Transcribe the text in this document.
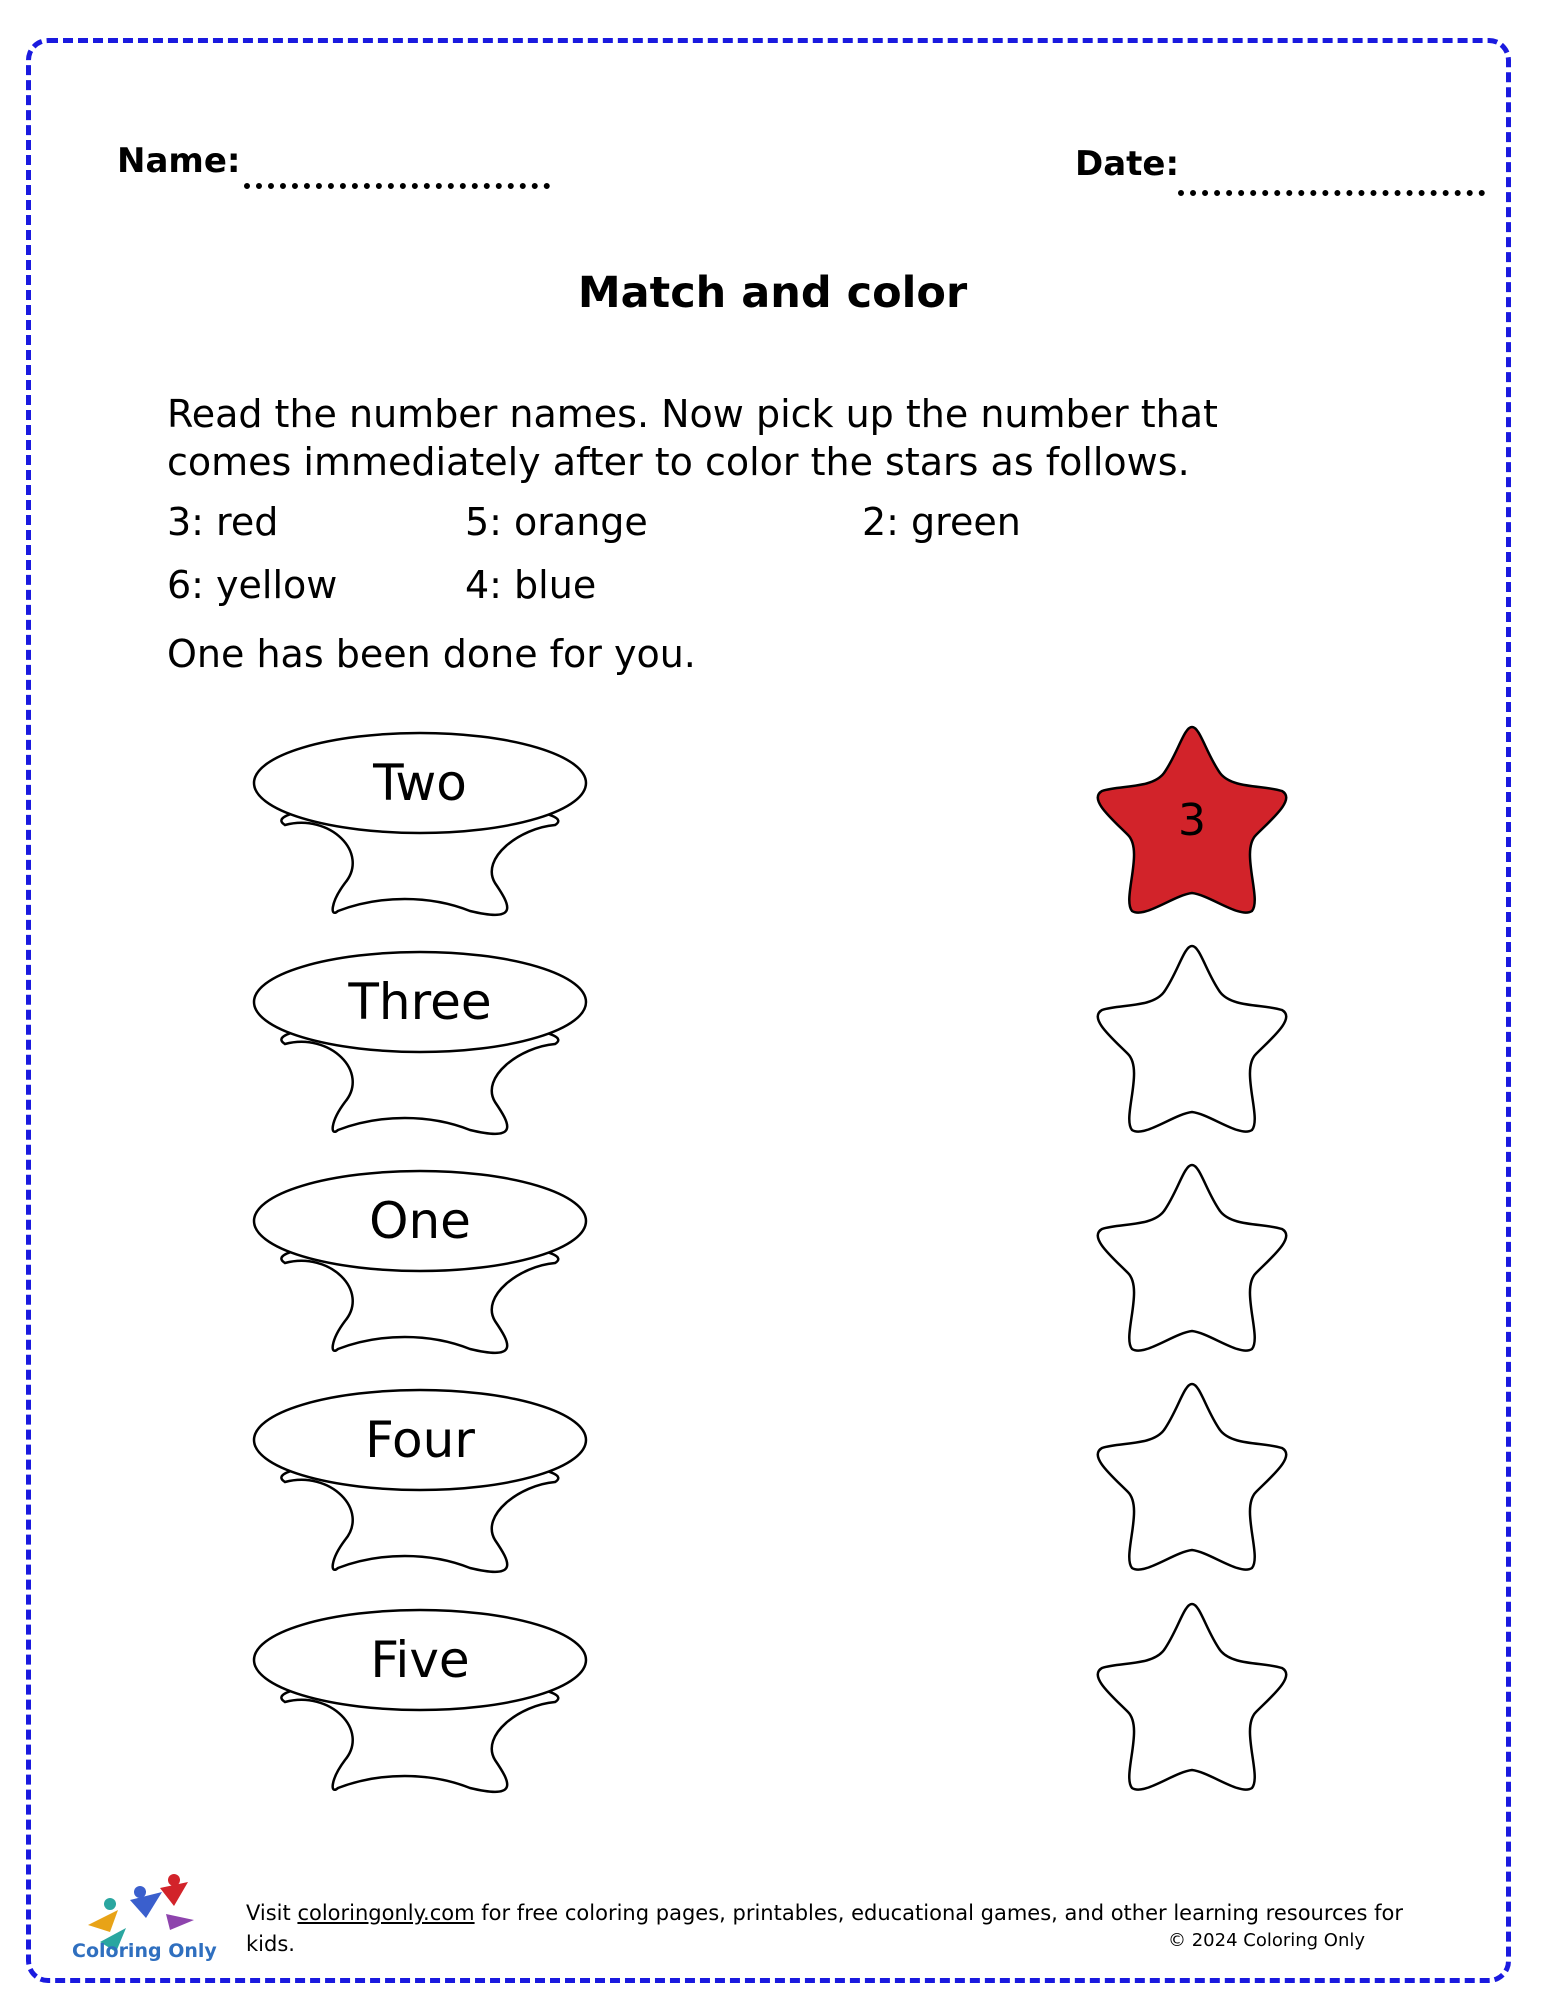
Name:	Date:
Match and color
Read the number names. Now pick up the number that
comes immediately after to color the stars as follows.
3: red	5: orange	2: green
6: yellow	4: blue
One has been done for you.
Two
Three
One
Four
Five
3
Coloring Only
Visit coloringonly.com for free coloring pages, printables, educational games, and other learning resources for kids.	© 2024 Coloring Only
